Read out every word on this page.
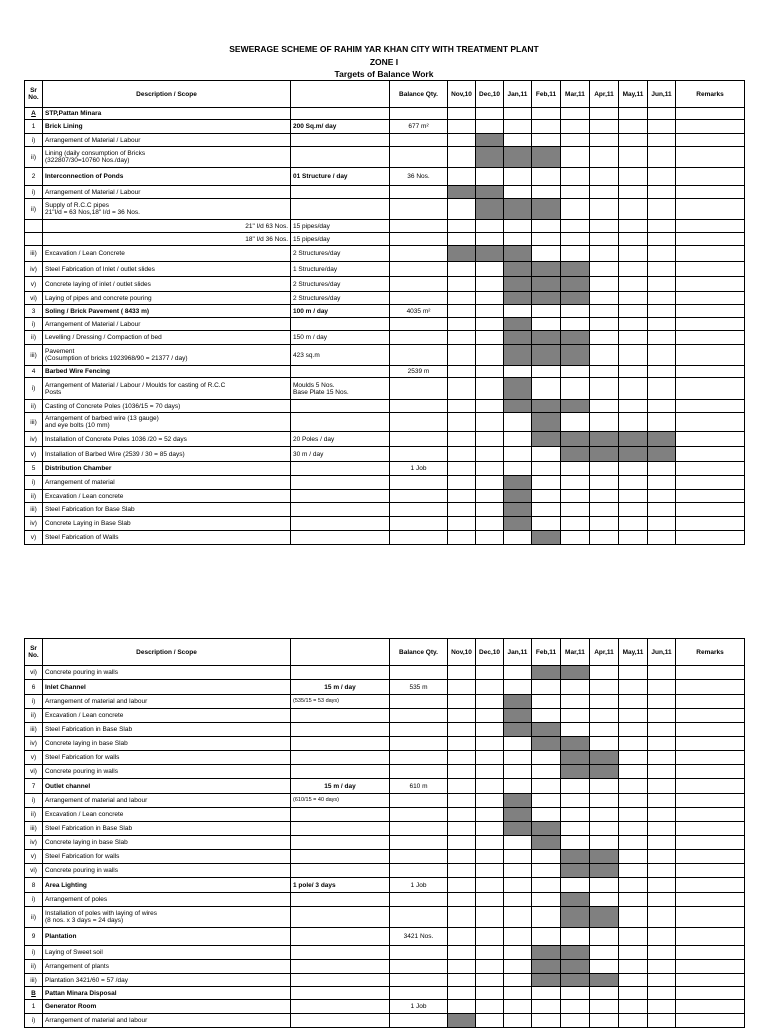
SEWERAGE SCHEME OF RAHIM YAR KHAN CITY WITH TREATMENT PLANT
ZONE I
Targets of Balance Work
Sr
No.	Description / Scope		Balance Qty.	Nov,10	Dec,10	Jan,11	Feb,11	Mar,11	Apr,11	May,11	Jun,11	Remarks
A	STP,Pattan Minara											
1	Brick Lining	200 Sq.m/ day	677 m²									
i)	Arrangement of Material / Labour											
ii)	Lining (daily consumption of Bricks
(322807/30=10760 Nos./day)											
2	Interconnection of Ponds	01 Structure / day	36 Nos.									
i)	Arrangement of Material / Labour											
ii)	Supply of R.C.C pipes
21"I/d = 63 Nos,18" I/d = 36 Nos.											
	21" I/d 63 Nos.	15 pipes/day										
	18" I/d 36 Nos.	15 pipes/day										
iii)	Excavation / Lean Concrete	2 Structures/day										
iv)	Steel Fabrication of Inlet / outlet slides	1 Structure/day										
v)	Concrete laying of inlet / outlet slides	2 Structures/day										
vi)	Laying of pipes and concrete pouring	2 Structures/day										
3	Soling / Brick Pavement ( 8433 m)	100 m / day	4035 m²									
i)	Arrangement of Material / Labour											
ii)	Levelling / Dressing / Compaction of bed	150 m / day										
iii)	Pavement
(Cosumption of bricks 1923968/90 = 21377 / day)	423 sq.m										
4	Barbed Wire Fencing		2539 m									
i)	Arrangement of Material / Labour / Moulds for casting of R.C.C
Posts	Moulds 5 Nos.
Base Plate 15 Nos.										
ii)	Casting of Concrete Poles (1036/15 = 70 days)											
iii)	Arrangement of barbed wire (13 gauge)
and eye bolts (10 mm)											
iv)	Installation of Concrete Poles 1036 /20 = 52 days	20 Poles / day										
v)	Installation of Barbed Wire (2539 / 30 = 85 days)	30 m / day										
5	Distribution Chamber		1 Job									
i)	Arrangement of material											
ii)	Excavation / Lean concrete											
iii)	Steel Fabrication for Base Slab											
iv)	Concrete Laying in Base Slab											
v)	Steel Fabrication of Walls											
Sr
No.	Description / Scope		Balance Qty.	Nov,10	Dec,10	Jan,11	Feb,11	Mar,11	Apr,11	May,11	Jun,11	Remarks
vi)	Concrete pouring in walls											
6	Inlet Channel	15 m / day	535 m									
i)	Arrangement of material and labour	(535/15 = 53 days)										
ii)	Excavation / Lean concrete											
iii)	Steel Fabrication in Base Slab											
iv)	Concrete laying in base Slab											
v)	Steel Fabrication for walls											
vi)	Concrete pouring in walls											
7	Outlet channel	15 m / day	610 m									
i)	Arrangement of material and labour	(610/15 = 40 days)										
ii)	Excavation / Lean concrete											
iii)	Steel Fabrication in Base Slab											
iv)	Concrete laying in base Slab											
v)	Steel Fabrication for walls											
vi)	Concrete pouring in walls											
8	Area Lighting	1 pole/ 3 days	1 Job									
i)	Arrangement of poles											
ii)	Installation of poles with laying of wires
(8 nos. x 3 days = 24 days)											
9	Plantation		3421 Nos.									
i)	Laying of Sweet soil											
ii)	Arrangement of plants											
iii)	Plantation 3421/60 = 57 /day											
B	Pattan Minara Disposal											
1	Generator Room		1 Job									
i)	Arrangement of material and labour											
